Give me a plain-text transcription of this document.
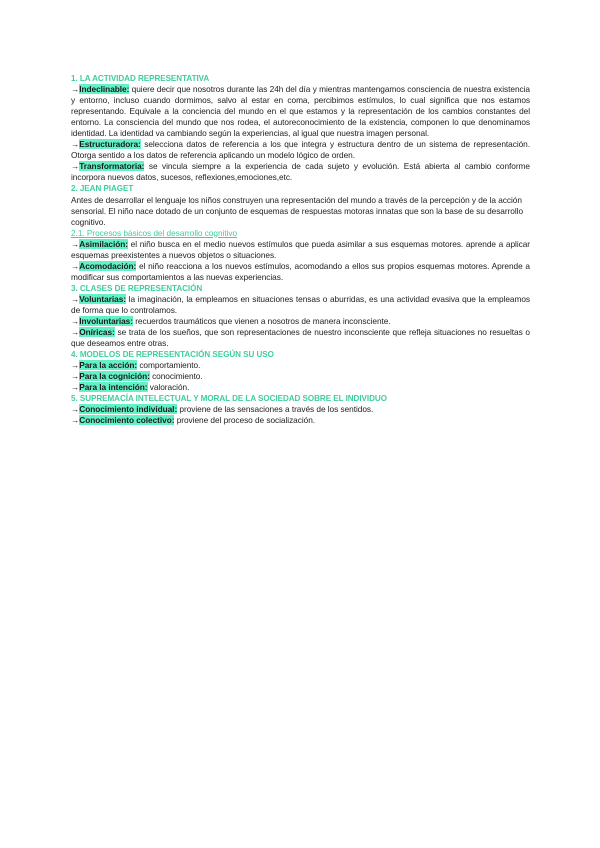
1. LA ACTIVIDAD REPRESENTATIVA

→Indeclinable: quiere decir que nosotros durante las 24h del día y mientras mantengamos consciencia de nuestra existencia y entorno, incluso cuando dormimos, salvo al estar en coma, percibimos estímulos, lo cual significa que nos estamos representando. Equivale a la conciencia del mundo en el que estamos y la representación de los cambios constantes del entorno. La consciencia del mundo que nos rodea, el autoreconocimiento de la existencia, componen lo que denominamos identidad. La identidad va cambiando según la experiencias, al igual que nuestra imagen personal.

→Estructuradora: selecciona datos de referencia a los que integra y estructura dentro de un sistema de representación. Otorga sentido a los datos de referencia aplicando un modelo lógico de orden.

→Transformatoria: se vincula siempre a la experiencia de cada sujeto y evolución. Está abierta al cambio conforme incorpora nuevos datos, sucesos, reflexiones,emociones,etc.

2. JEAN PIAGET

Antes de desarrollar el lenguaje los niños construyen una representación del mundo a través de la percepción y de la acción sensorial. El niño nace dotado de un conjunto de esquemas de respuestas motoras innatas que son la base de su desarrollo cognitivo.

2.1. Procesos básicos del desarrollo cognitivo

→Asimilación: el niño busca en el medio nuevos estímulos que pueda asimilar a sus esquemas motores. aprende a aplicar esquemas preexistentes a nuevos objetos o situaciones.

→Acomodación: el niño reacciona a los nuevos estímulos, acomodando a ellos sus propios esquemas motores. Aprende a modificar sus comportamientos a las nuevas experiencias.

3. CLASES DE REPRESENTACIÓN

→Voluntarias: la imaginación, la empleamos en situaciones tensas o aburridas, es una actividad evasiva que la empleamos de forma que lo controlamos.

→Involuntarias: recuerdos traumáticos que vienen a nosotros de manera inconsciente.

→Oníricas: se trata de los sueños, que son representaciones de nuestro inconsciente que refleja situaciones no resueltas o que deseamos entre otras.

4. MODELOS DE REPRESENTACIÓN SEGÚN SU USO

→Para la acción: comportamiento.

→Para la cognición: conocimiento.

→Para la intención: valoración.

5. SUPREMACÍA INTELECTUAL Y MORAL DE LA SOCIEDAD SOBRE EL INDIVIDUO

→Conocimiento individual: proviene de las sensaciones a través de los sentidos.

→Conocimiento colectivo: proviene del proceso de socialización.
